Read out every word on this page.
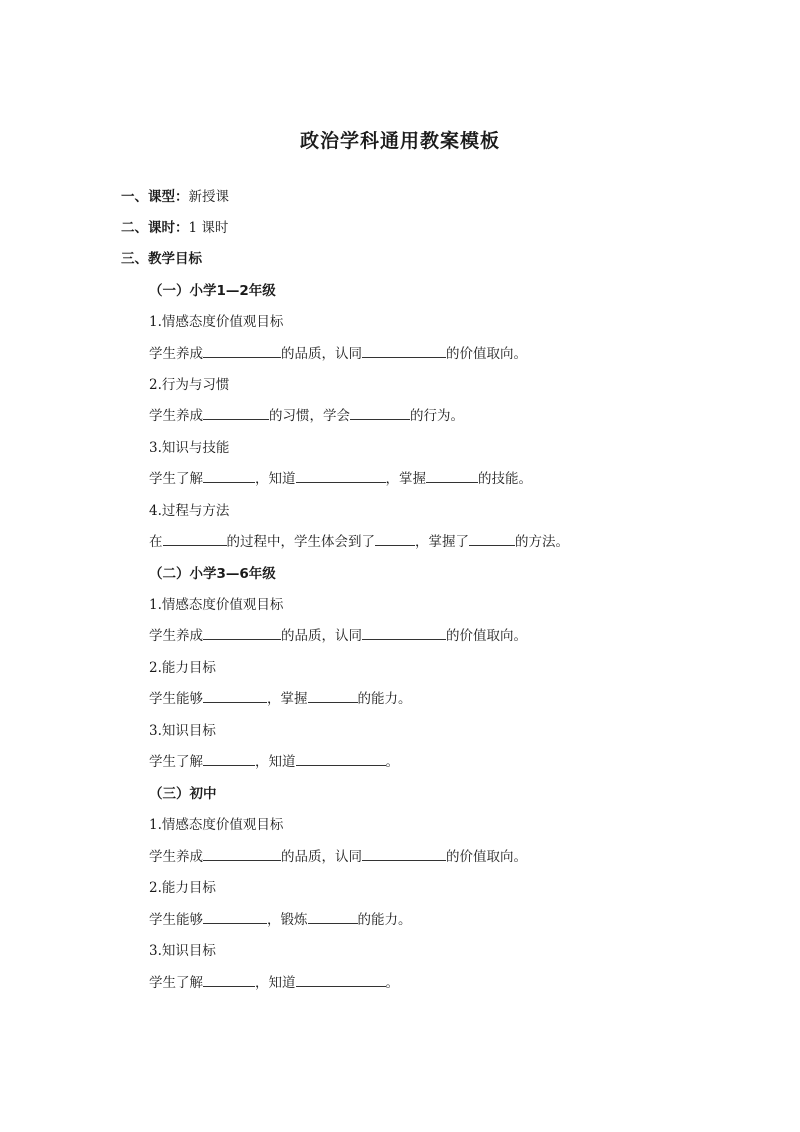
政治学科通用教案模板
一、课型：新授课
二、课时：1 课时
三、教学目标
（一）小学1—2年级
1.情感态度价值观目标
学生养成	的品质，认同	的价值取向。
2.行为与习惯
学生养成	的习惯，学会	的行为。
3.知识与技能
学生了解	，知道	，掌握	的技能。
4.过程与方法
在	的过程中，学生体会到了	，掌握了	的方法。
（二）小学3—6年级
1.情感态度价值观目标
学生养成	的品质，认同	的价值取向。
2.能力目标
学生能够	，掌握	的能力。
3.知识目标
学生了解	，知道	。
（三）初中
1.情感态度价值观目标
学生养成	的品质，认同	的价值取向。
2.能力目标
学生能够	，锻炼	的能力。
3.知识目标
学生了解	，知道	。
